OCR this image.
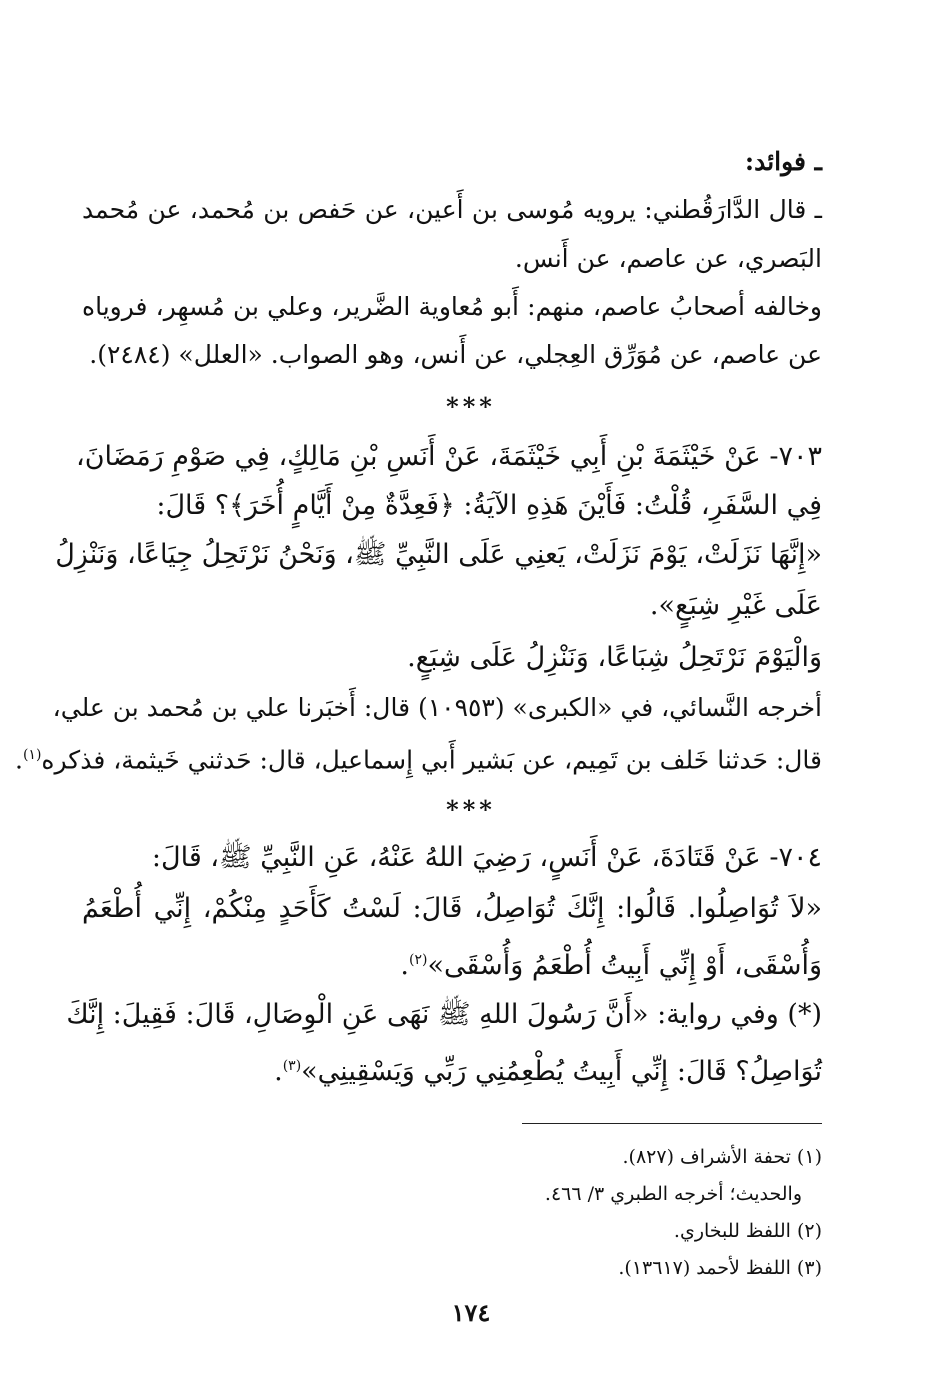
ـ فوائد:
ـ قال الدَّارَقُطني: يرويه مُوسى بن أَعين، عن حَفص بن مُحمد، عن مُحمد
البَصري، عن عاصم، عن أَنس.
وخالفه أصحابُ عاصم، منهم: أَبو مُعاوية الضَّرير، وعلي بن مُسهِر، فروياه
عن عاصم، عن مُوَرِّق العِجلي، عن أَنس، وهو الصواب. «العلل» (٢٤٨٤).
***
٧٠٣- عَنْ خَيْثَمَةَ بْنِ أَبِي خَيْثَمَةَ، عَنْ أَنَسِ بْنِ مَالِكٍ، فِي صَوْمِ رَمَضَانَ،
فِي السَّفَرِ، قُلْتُ: فَأَيْنَ هَذِهِ الآيَةُ: ﴿فَعِدَّةٌ مِنْ أَيَّامٍ أُخَرَ﴾؟ قَالَ:
«إِنَّهَا نَزَلَتْ، يَوْمَ نَزَلَتْ، يَعنِي عَلَى النَّبِيِّ ﷺ، وَنَحْنُ نَرْتَحِلُ جِيَاعًا، وَنَنْزِلُ
عَلَى غَيْرِ شِبَعٍ».
وَالْيَوْمَ نَرْتَحِلُ شِبَاعًا، وَنَنْزِلُ عَلَى شِبَعٍ.
أخرجه النَّسائي، في «الكبرى» (١٠٩٥٣) قال: أَخبَرنا علي بن مُحمد بن علي،
قال: حَدثنا خَلف بن تَمِيم، عن بَشير أَبي إِسماعيل، قال: حَدثني خَيثمة، فذكره$^{(١)}$.
***
٧٠٤- عَنْ قَتَادَةَ، عَنْ أَنَسٍ، رَضِيَ اللهُ عَنْهُ، عَنِ النَّبِيِّ ﷺ، قَالَ:
«لاَ تُوَاصِلُوا. قَالُوا: إِنَّكَ تُوَاصِلُ، قَالَ: لَسْتُ كَأَحَدٍ مِنْكُمْ، إِنِّي أُطْعَمُ
وَأُسْقَى، أَوْ إِنِّي أَبِيتُ أُطْعَمُ وَأُسْقَى»$^{(٢)}$.
(*) وفي رواية: «أَنَّ رَسُولَ اللهِ ﷺ نَهَى عَنِ الْوِصَالِ، قَالَ: فَقِيلَ: إِنَّكَ
تُوَاصِلُ؟ قَالَ: إِنِّي أَبِيتُ يُطْعِمُنِي رَبِّي وَيَسْقِينِي»$^{(٣)}$.
(١) تحفة الأشراف (٨٢٧).
والحديث؛ أخرجه الطبري ٣/ ٤٦٦.
(٢) اللفظ للبخاري.
(٣) اللفظ لأحمد (١٣٦١٧).
١٧٤
